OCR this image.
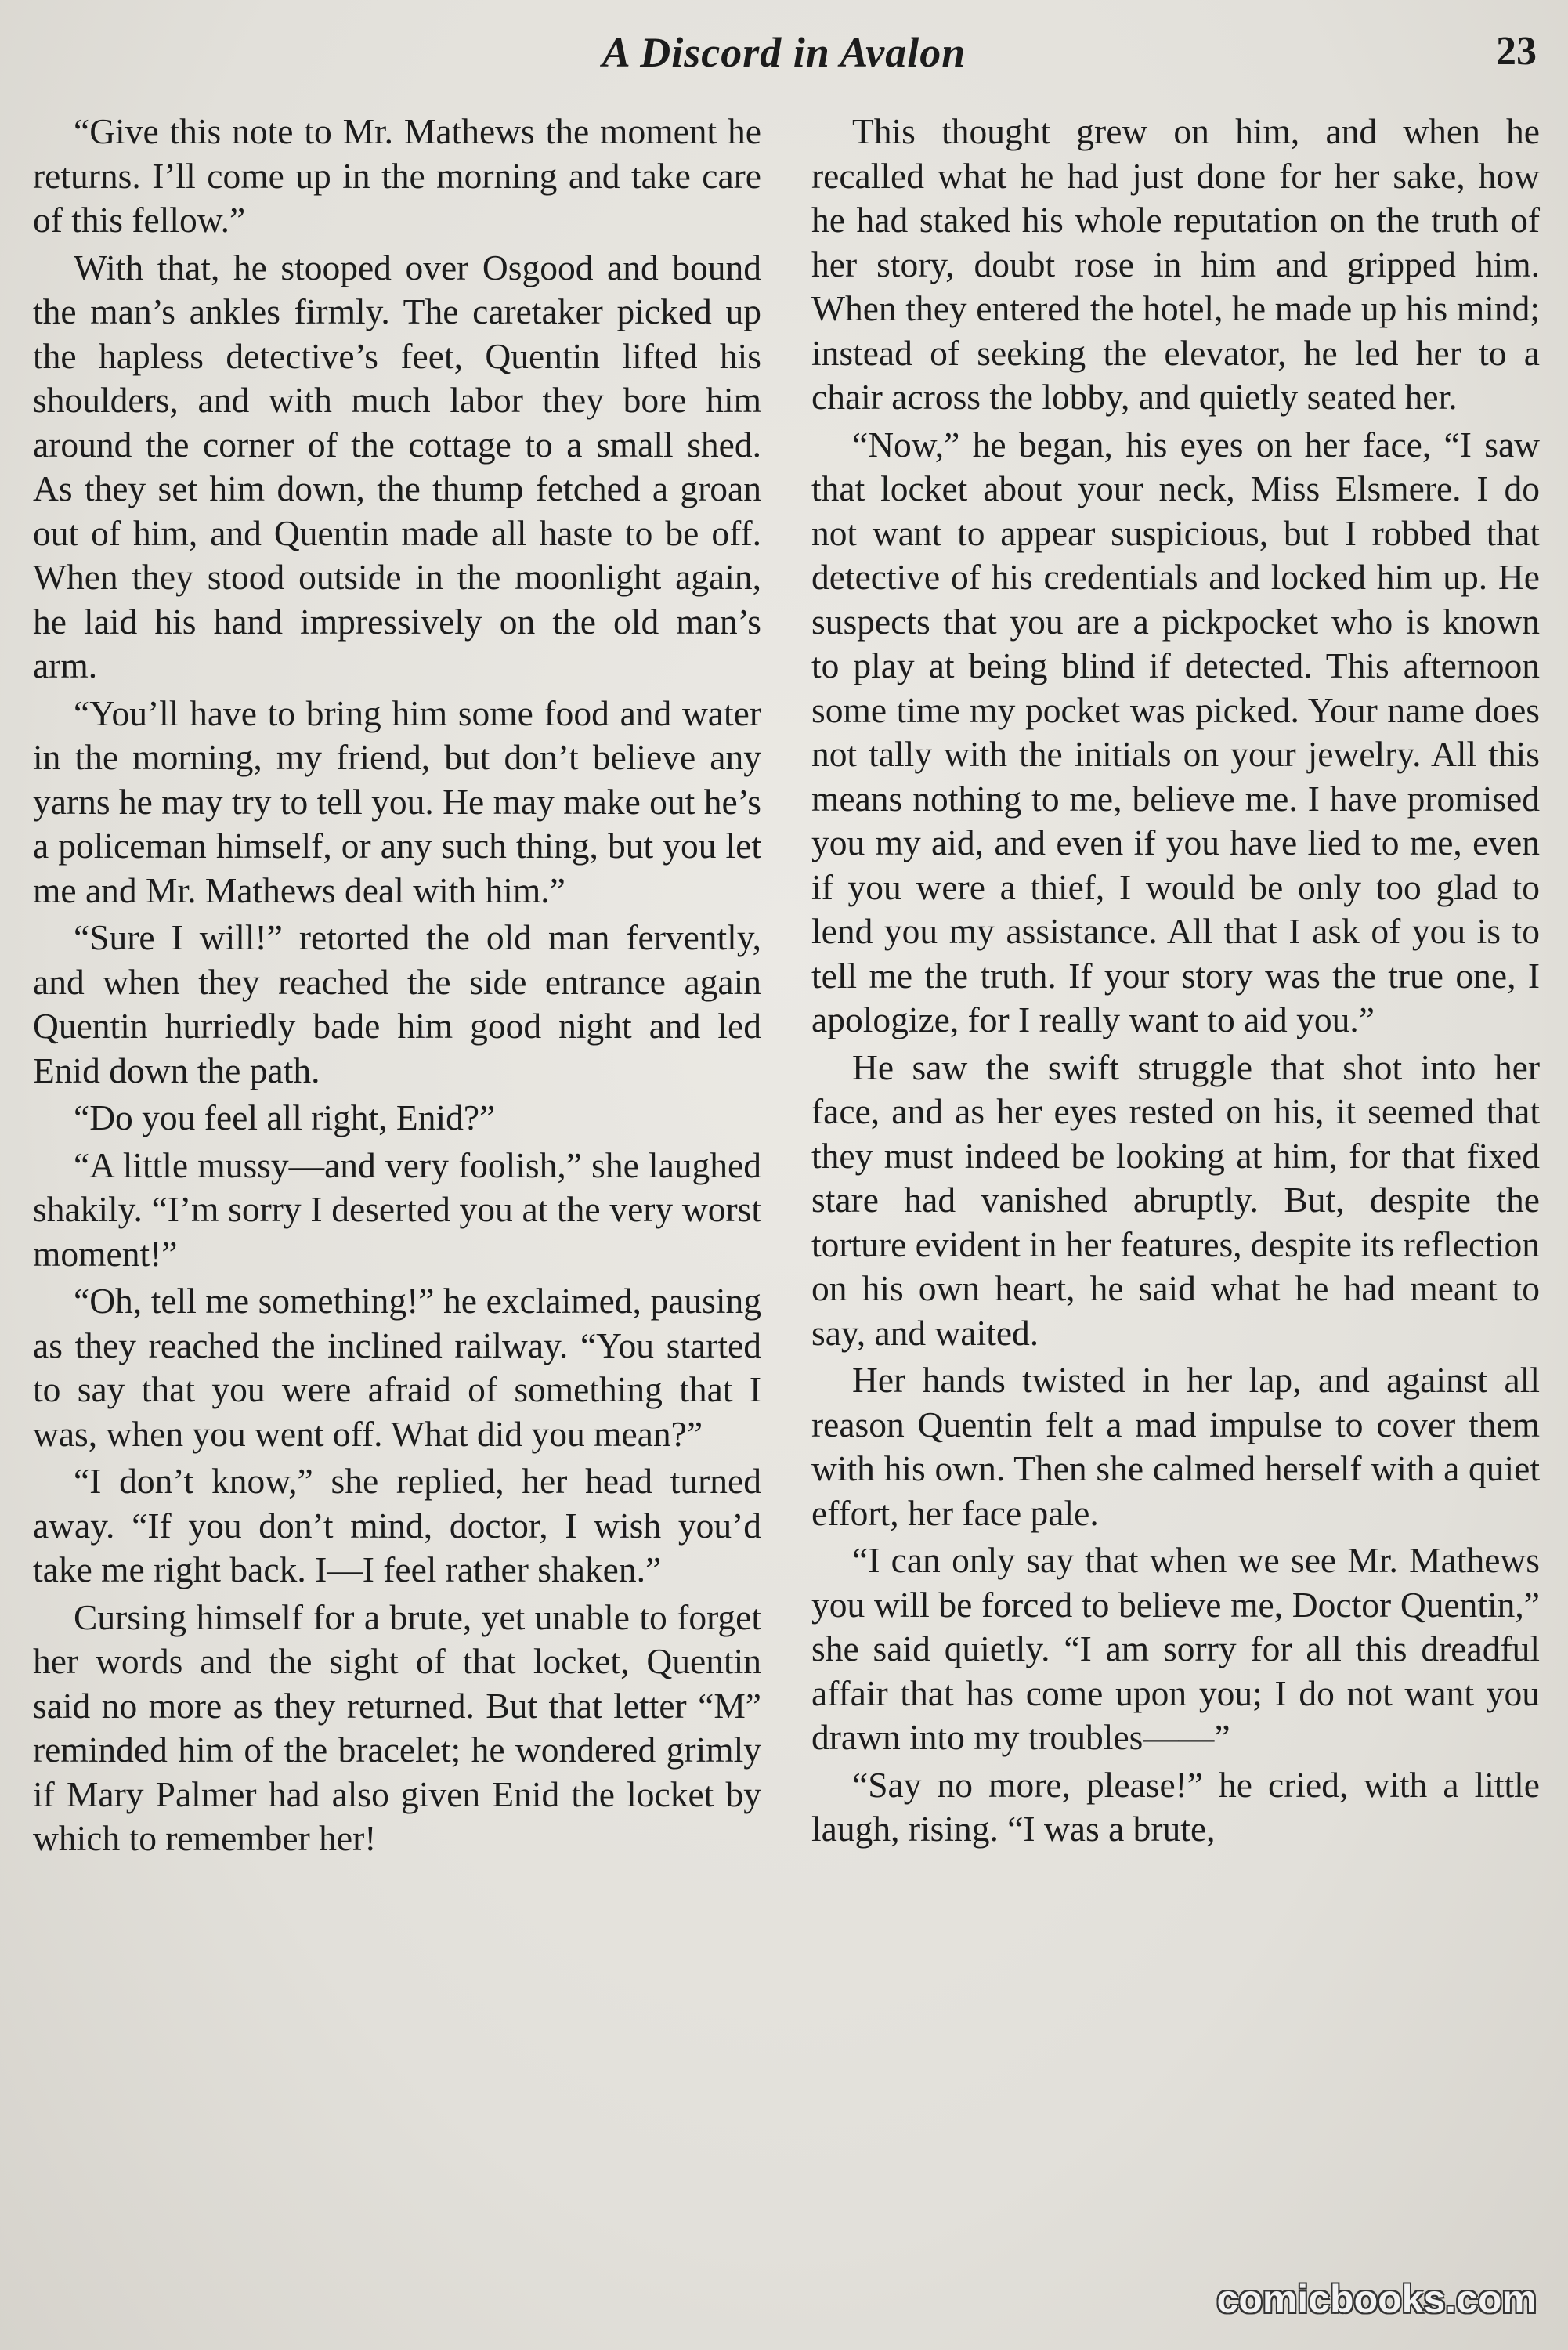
A Discord in Avalon	23

“Give this note to Mr. Mathews the moment he returns. I’ll come up in the morning and take care of this fellow.”

With that, he stooped over Osgood and bound the man’s ankles firmly. The caretaker picked up the hapless detective’s feet, Quentin lifted his shoulders, and with much labor they bore him around the corner of the cottage to a small shed. As they set him down, the thump fetched a groan out of him, and Quentin made all haste to be off. When they stood outside in the moonlight again, he laid his hand impressively on the old man’s arm.

“You’ll have to bring him some food and water in the morning, my friend, but don’t believe any yarns he may try to tell you. He may make out he’s a policeman himself, or any such thing, but you let me and Mr. Mathews deal with him.”

“Sure I will!” retorted the old man fervently, and when they reached the side entrance again Quentin hurriedly bade him good night and led Enid down the path.

“Do you feel all right, Enid?”

“A little mussy—and very foolish,” she laughed shakily. “I’m sorry I deserted you at the very worst moment!”

“Oh, tell me something!” he exclaimed, pausing as they reached the inclined railway. “You started to say that you were afraid of something that I was, when you went off. What did you mean?”

“I don’t know,” she replied, her head turned away. “If you don’t mind, doctor, I wish you’d take me right back. I—I feel rather shaken.”

Cursing himself for a brute, yet unable to forget her words and the sight of that locket, Quentin said no more as they returned. But that letter “M” reminded him of the bracelet; he wondered grimly if Mary Palmer had also given Enid the locket by which to remember her!

This thought grew on him, and when he recalled what he had just done for her sake, how he had staked his whole reputation on the truth of her story, doubt rose in him and gripped him. When they entered the hotel, he made up his mind; instead of seeking the elevator, he led her to a chair across the lobby, and quietly seated her.

“Now,” he began, his eyes on her face, “I saw that locket about your neck, Miss Elsmere. I do not want to appear suspicious, but I robbed that detective of his credentials and locked him up. He suspects that you are a pickpocket who is known to play at being blind if detected. This afternoon some time my pocket was picked. Your name does not tally with the initials on your jewelry. All this means nothing to me, believe me. I have promised you my aid, and even if you have lied to me, even if you were a thief, I would be only too glad to lend you my assistance. All that I ask of you is to tell me the truth. If your story was the true one, I apologize, for I really want to aid you.”

He saw the swift struggle that shot into her face, and as her eyes rested on his, it seemed that they must indeed be looking at him, for that fixed stare had vanished abruptly. But, despite the torture evident in her features, despite its reflection on his own heart, he said what he had meant to say, and waited.

Her hands twisted in her lap, and against all reason Quentin felt a mad impulse to cover them with his own. Then she calmed herself with a quiet effort, her face pale.

“I can only say that when we see Mr. Mathews you will be forced to believe me, Doctor Quentin,” she said quietly. “I am sorry for all this dreadful affair that has come upon you; I do not want you drawn into my troubles——”

“Say no more, please!” he cried, with a little laugh, rising. “I was a brute,

comicbooks.com
